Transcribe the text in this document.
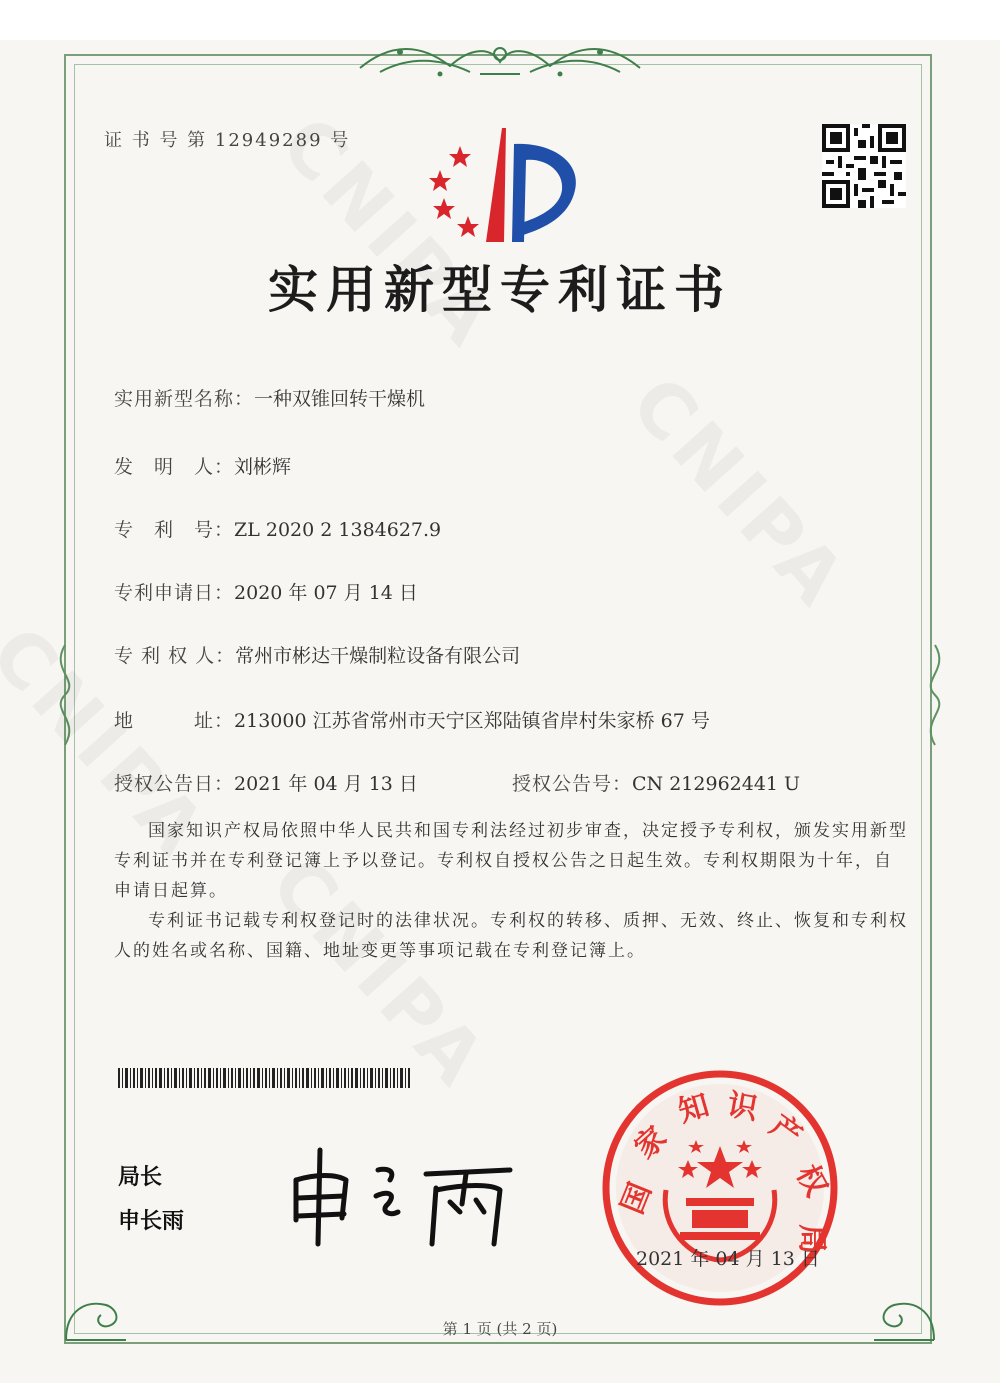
证 书 号 第 12949289 号
实用新型专利证书
实用新型名称：一种双锥回转干燥机
发　明　人：刘彬辉
专　利　号：ZL 2020 2 1384627.9
专利申请日：2020 年 07 月 14 日
专 利 权 人：常州市彬达干燥制粒设备有限公司
地　　　址：213000 江苏省常州市天宁区郑陆镇省岸村朱家桥 67 号
授权公告日：2021 年 04 月 13 日	授权公告号：CN 212962441 U
国家知识产权局依照中华人民共和国专利法经过初步审查，决定授予专利权，颁发实用新型专利证书并在专利登记簿上予以登记。专利权自授权公告之日起生效。专利权期限为十年，自申请日起算。
专利证书记载专利权登记时的法律状况。专利权的转移、质押、无效、终止、恢复和专利权人的姓名或名称、国籍、地址变更等事项记载在专利登记簿上。
局长
申长雨
国
家
知 识
产
权
局
2021 年 04 月 13 日
第 1 页 (共 2 页)
